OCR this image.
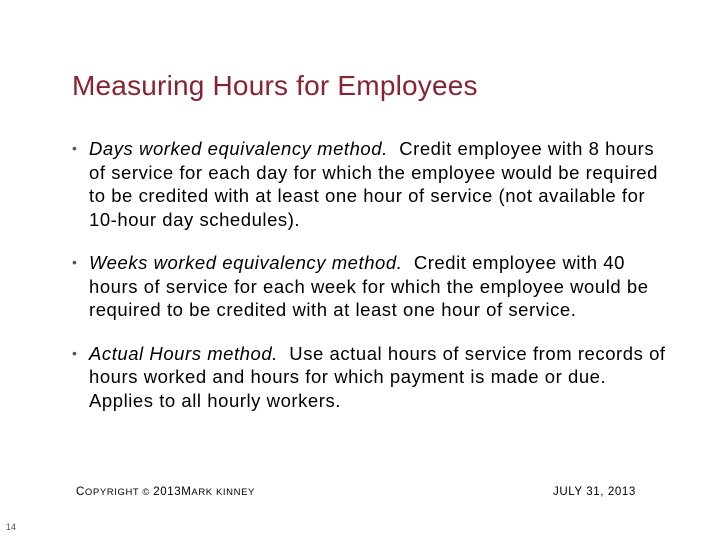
Measuring Hours for Employees
• Days worked equivalency method. Credit employee with 8 hours of service for each day for which the employee would be required to be credited with at least one hour of service (not available for 10-hour day schedules).
• Weeks worked equivalency method. Credit employee with 40 hours of service for each week for which the employee would be required to be credited with at least one hour of service.
• Actual Hours method. Use actual hours of service from records of hours worked and hours for which payment is made or due. Applies to all hourly workers.
COPYRIGHT © 2013MARK KINNEY	JULY 31, 2013
14
